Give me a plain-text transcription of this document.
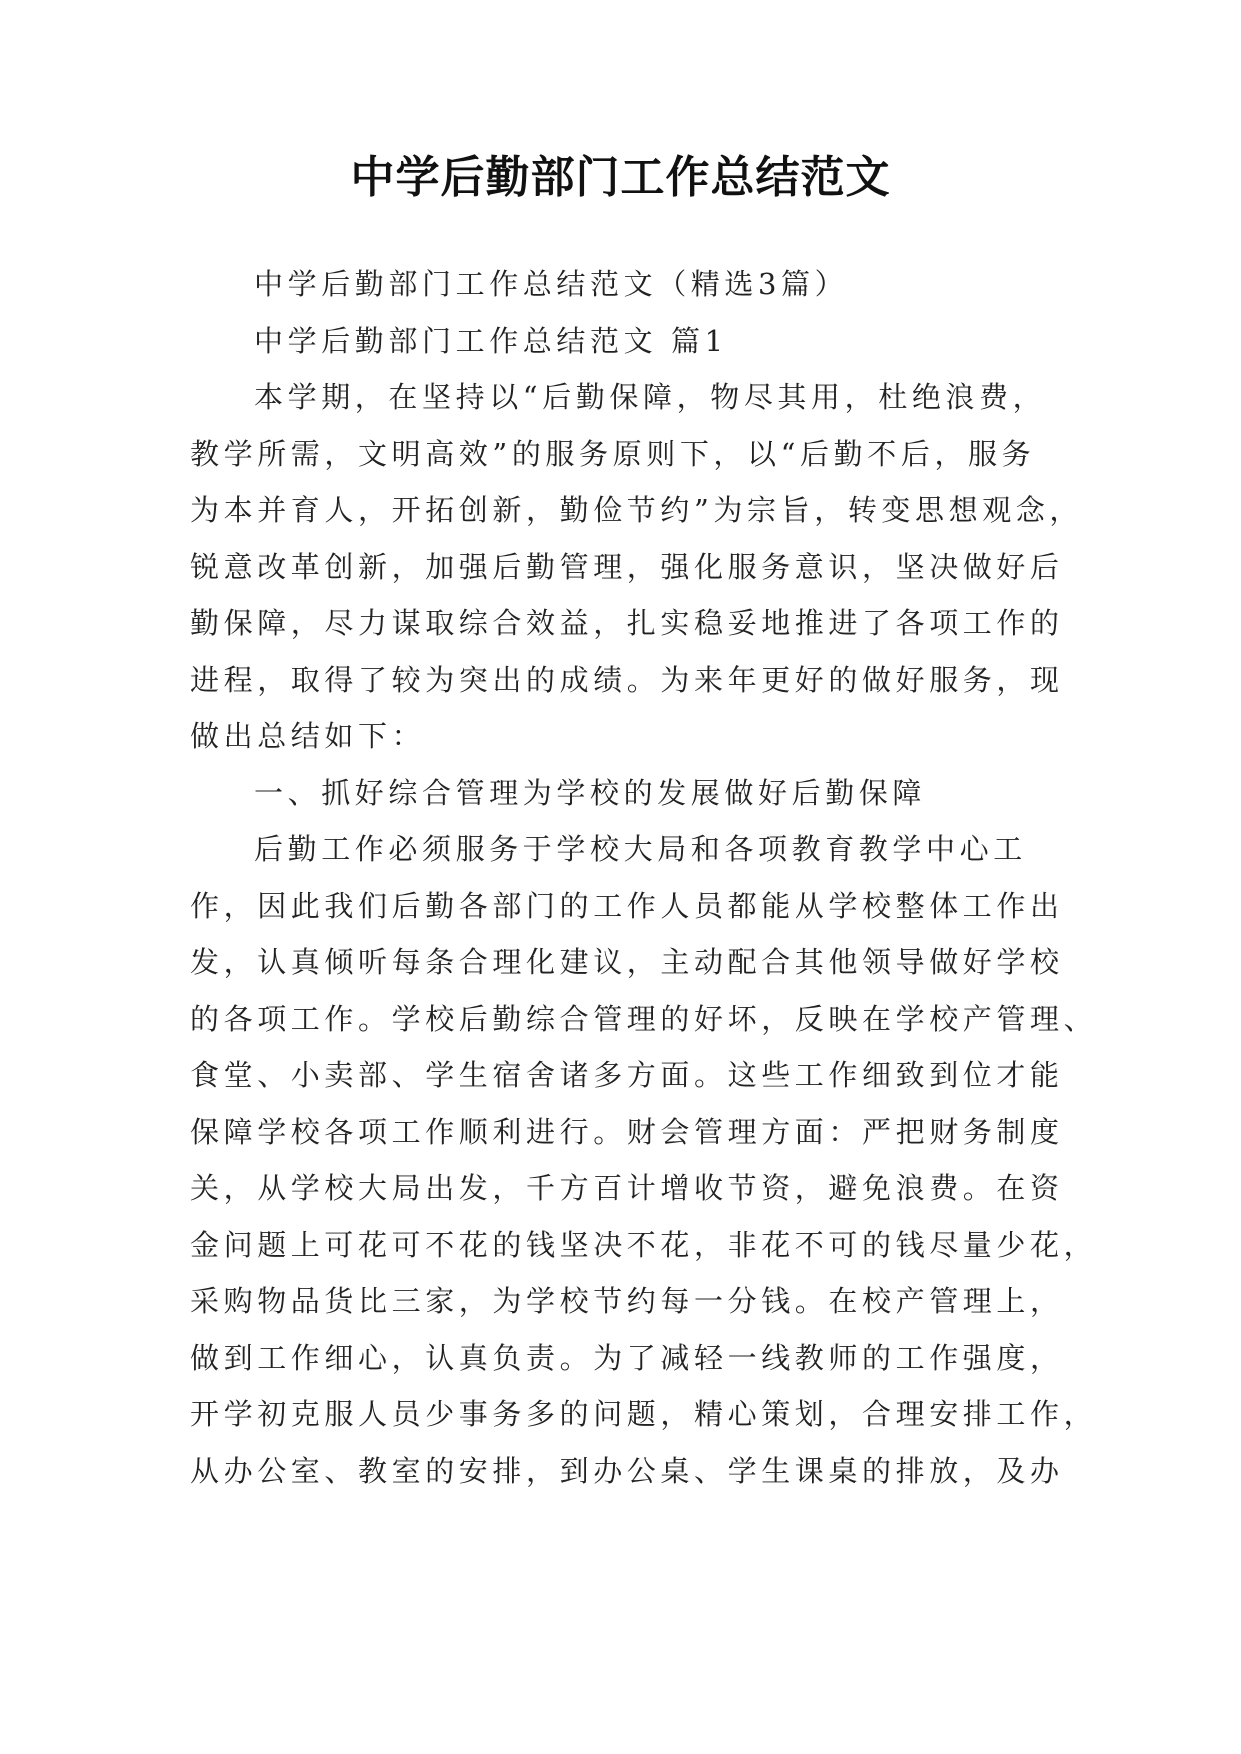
中学后勤部门工作总结范文

中学后勤部门工作总结范文（精选3篇）

中学后勤部门工作总结范文 篇1

本学期，在坚持以“后勤保障，物尽其用，杜绝浪费，
教学所需，文明高效”的服务原则下，以“后勤不后，服务
为本并育人，开拓创新，勤俭节约”为宗旨，转变思想观念，
锐意改革创新，加强后勤管理，强化服务意识，坚决做好后
勤保障，尽力谋取综合效益，扎实稳妥地推进了各项工作的
进程，取得了较为突出的成绩。为来年更好的做好服务，现
做出总结如下：

一、抓好综合管理为学校的发展做好后勤保障

后勤工作必须服务于学校大局和各项教育教学中心工
作，因此我们后勤各部门的工作人员都能从学校整体工作出
发，认真倾听每条合理化建议，主动配合其他领导做好学校
的各项工作。学校后勤综合管理的好坏，反映在学校产管理、
食堂、小卖部、学生宿舍诸多方面。这些工作细致到位才能
保障学校各项工作顺利进行。财会管理方面：严把财务制度
关，从学校大局出发，千方百计增收节资，避免浪费。在资
金问题上可花可不花的钱坚决不花，非花不可的钱尽量少花，
采购物品货比三家，为学校节约每一分钱。在校产管理上，
做到工作细心，认真负责。为了减轻一线教师的工作强度，
开学初克服人员少事务多的问题，精心策划，合理安排工作，
从办公室、教室的安排，到办公桌、学生课桌的排放，及办
